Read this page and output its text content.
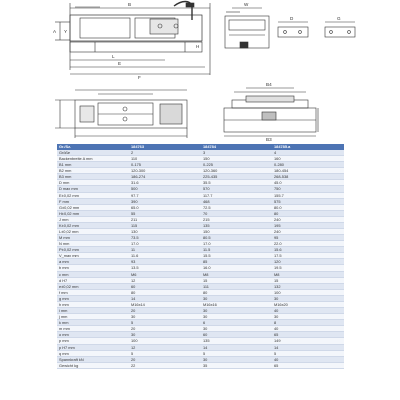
B
L
E
F
A
H
Y
W
D	G
B4
B3
Gr./Sz.	184763	184784	184785.a
Größe	2	3	4
Backenbreite A mm	110	150	160
B1 mm	0-175	0-225	0-280
B2 mm	120-300	120-360	180-454
B3 mm	186-274	225-435	268-538
D mm	31.6	35.5	45.0
D max mm	500	570	750
E±0,02 mm	97.7	117.7	155.7
F mm	390	468	575
G±0,02 mm	65.0	72.5	80.0
H±0,02 mm	55	70	80
J mm	211	215	240
K±0,02 mm	115	135	195
L±0,02 mm	130	150	240
M mm	73.5	80.5	95
N mm	17.0	17.0	22.0
P±0,02 mm	11	11.5	15.6
V_max mm	11.6	15.5	17.5
a mm	93	85	120
b mm	13.5	16.0	19.5
c mm	M6	M8	M8
d H7	12	15	15
e±0,02 mm	60	111	132
f mm	80	80	100
g mm	14	30	30
h mm	M16x14	M16x16	M16x20
i mm	20	30	40
j mm	30	30	30
k mm	5	6	8
m mm	20	30	40
o mm	30	60	65
p mm	100	135	149
p H7 mm	12	14	14
q mm	5	5	5
Spannkraft kN	20	30	40
Gewicht kg	22	35	65
